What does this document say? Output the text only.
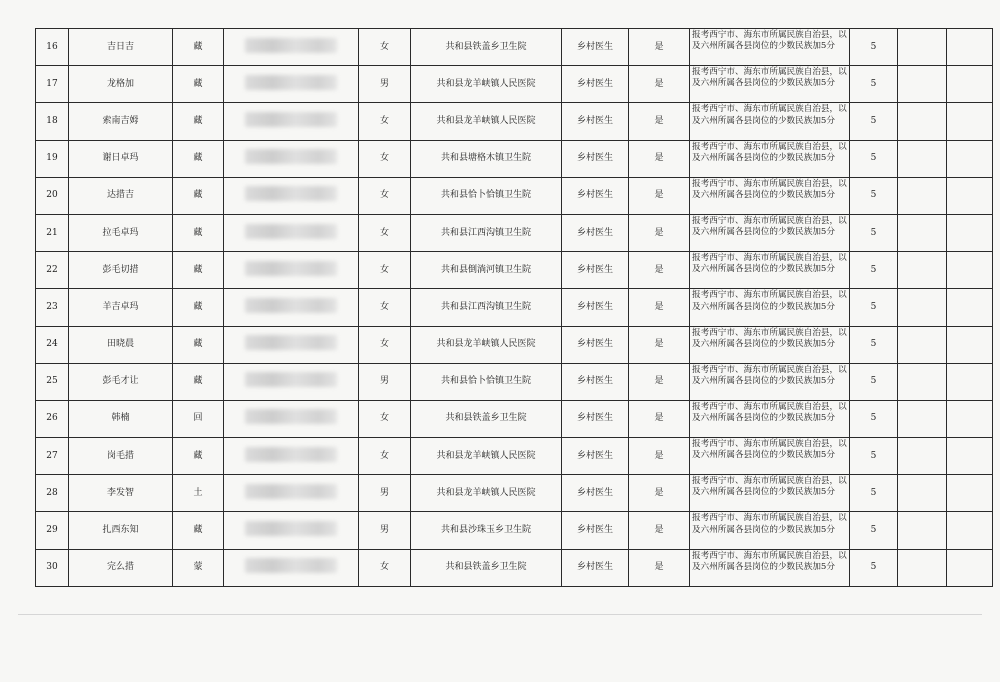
16	吉日吉	藏		女	共和县铁盖乡卫生院	乡村医生	是	报考西宁市、海东市所属民族自治县，以及六州所属各县岗位的少数民族加5分	5		
17	龙格加	藏		男	共和县龙羊峡镇人民医院	乡村医生	是	报考西宁市、海东市所属民族自治县，以及六州所属各县岗位的少数民族加5分	5		
18	索南吉姆	藏		女	共和县龙羊峡镇人民医院	乡村医生	是	报考西宁市、海东市所属民族自治县，以及六州所属各县岗位的少数民族加5分	5		
19	谢日卓玛	藏		女	共和县塘格木镇卫生院	乡村医生	是	报考西宁市、海东市所属民族自治县，以及六州所属各县岗位的少数民族加5分	5		
20	达措吉	藏		女	共和县恰卜恰镇卫生院	乡村医生	是	报考西宁市、海东市所属民族自治县，以及六州所属各县岗位的少数民族加5分	5		
21	拉毛卓玛	藏		女	共和县江西沟镇卫生院	乡村医生	是	报考西宁市、海东市所属民族自治县，以及六州所属各县岗位的少数民族加5分	5		
22	彭毛切措	藏		女	共和县倒淌河镇卫生院	乡村医生	是	报考西宁市、海东市所属民族自治县，以及六州所属各县岗位的少数民族加5分	5		
23	羊吉卓玛	藏		女	共和县江西沟镇卫生院	乡村医生	是	报考西宁市、海东市所属民族自治县，以及六州所属各县岗位的少数民族加5分	5		
24	田晓晨	藏		女	共和县龙羊峡镇人民医院	乡村医生	是	报考西宁市、海东市所属民族自治县，以及六州所属各县岗位的少数民族加5分	5		
25	彭毛才让	藏		男	共和县恰卜恰镇卫生院	乡村医生	是	报考西宁市、海东市所属民族自治县，以及六州所属各县岗位的少数民族加5分	5		
26	韩楠	回		女	共和县铁盖乡卫生院	乡村医生	是	报考西宁市、海东市所属民族自治县，以及六州所属各县岗位的少数民族加5分	5		
27	岗毛措	藏		女	共和县龙羊峡镇人民医院	乡村医生	是	报考西宁市、海东市所属民族自治县，以及六州所属各县岗位的少数民族加5分	5		
28	李发智	土		男	共和县龙羊峡镇人民医院	乡村医生	是	报考西宁市、海东市所属民族自治县，以及六州所属各县岗位的少数民族加5分	5		
29	扎西东知	藏		男	共和县沙珠玉乡卫生院	乡村医生	是	报考西宁市、海东市所属民族自治县，以及六州所属各县岗位的少数民族加5分	5		
30	完么措	蒙		女	共和县铁盖乡卫生院	乡村医生	是	报考西宁市、海东市所属民族自治县，以及六州所属各县岗位的少数民族加5分	5		
